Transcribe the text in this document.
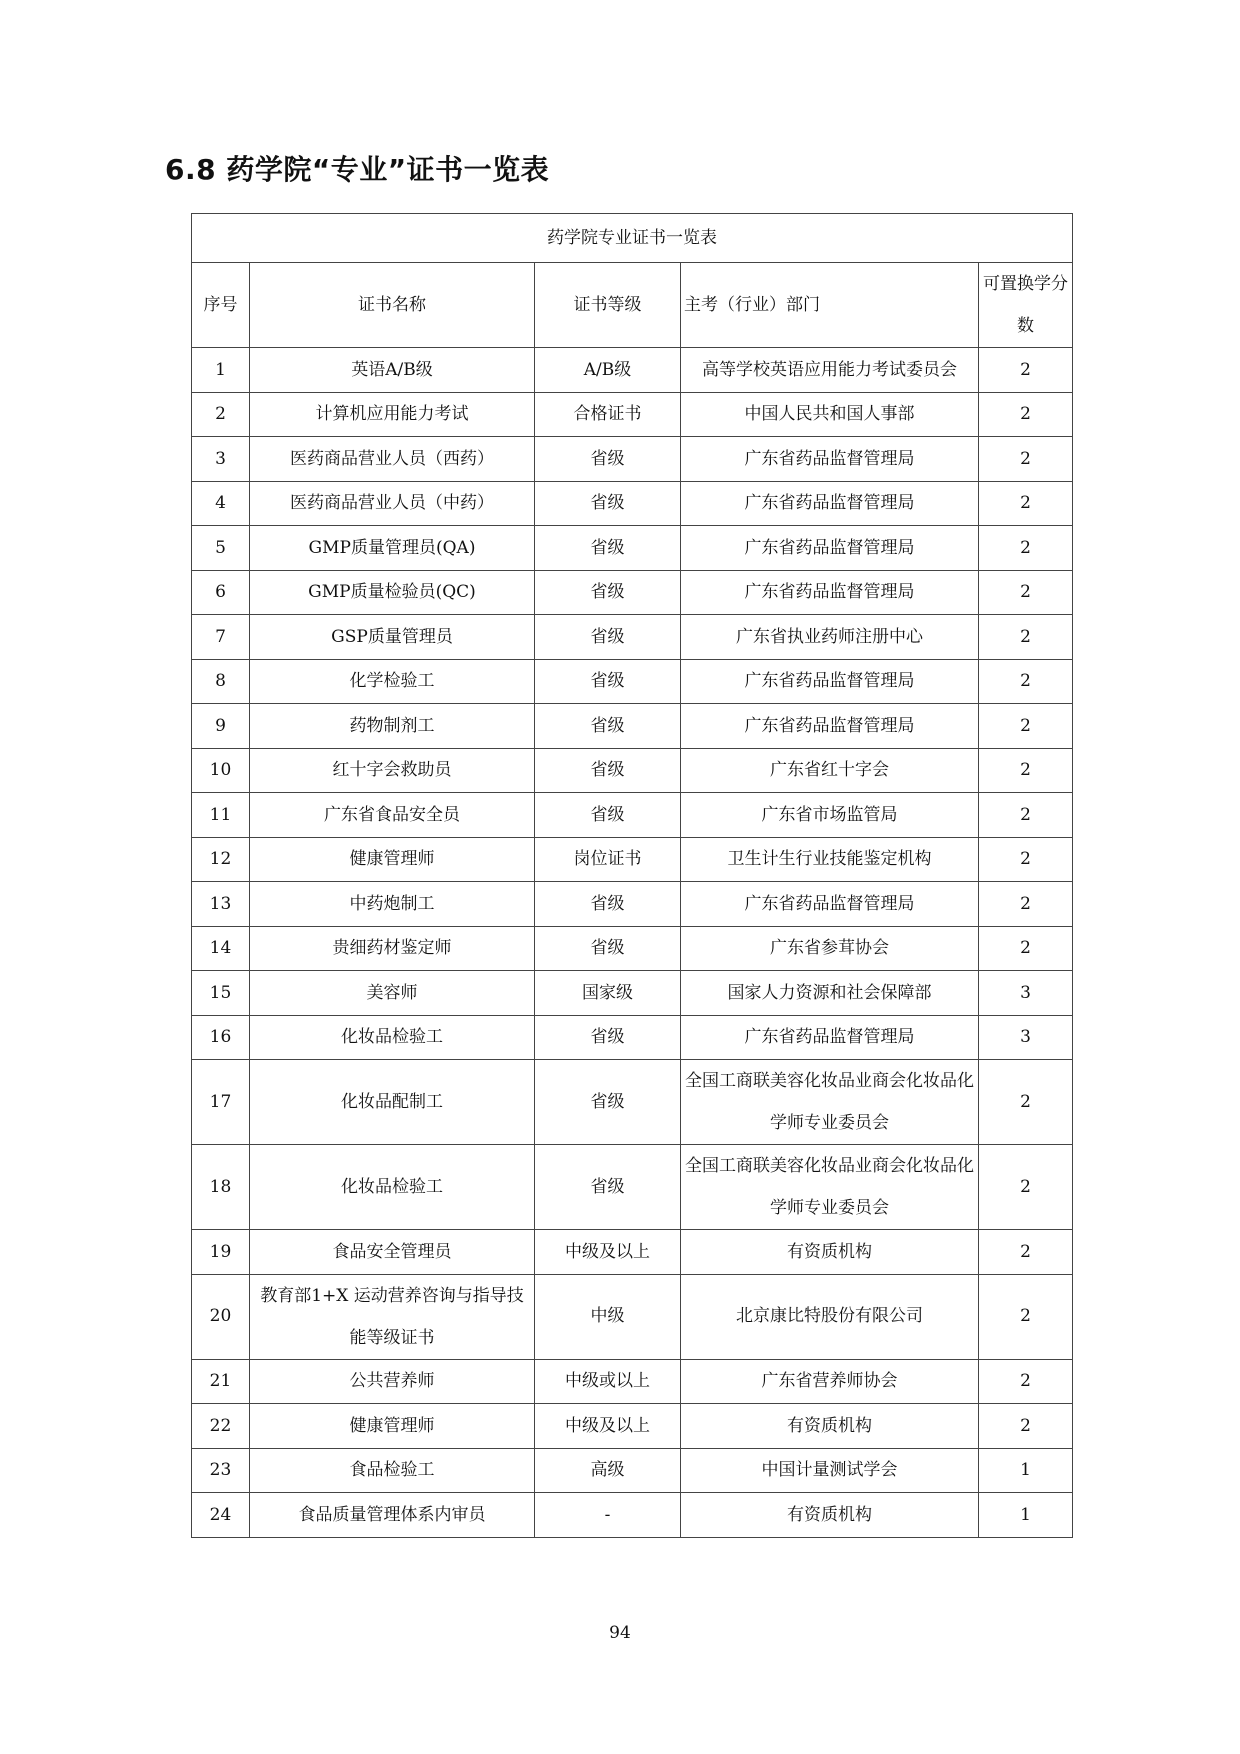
6.8 药学院“专业”证书一览表
药学院专业证书一览表				
序号	证书名称	证书等级	主考（行业）部门	可置换学分数
1	英语A/B级	A/B级	高等学校英语应用能力考试委员会	2
2	计算机应用能力考试	合格证书	中国人民共和国人事部	2
3	医药商品营业人员（西药）	省级	广东省药品监督管理局	2
4	医药商品营业人员（中药）	省级	广东省药品监督管理局	2
5	GMP质量管理员(QA)	省级	广东省药品监督管理局	2
6	GMP质量检验员(QC)	省级	广东省药品监督管理局	2
7	GSP质量管理员	省级	广东省执业药师注册中心	2
8	化学检验工	省级	广东省药品监督管理局	2
9	药物制剂工	省级	广东省药品监督管理局	2
10	红十字会救助员	省级	广东省红十字会	2
11	广东省食品安全员	省级	广东省市场监管局	2
12	健康管理师	岗位证书	卫生计生行业技能鉴定机构	2
13	中药炮制工	省级	广东省药品监督管理局	2
14	贵细药材鉴定师	省级	广东省参茸协会	2
15	美容师	国家级	国家人力资源和社会保障部	3
16	化妆品检验工	省级	广东省药品监督管理局	3
17	化妆品配制工	省级	全国工商联美容化妆品业商会化妆品化学师专业委员会	2
18	化妆品检验工	省级	全国工商联美容化妆品业商会化妆品化学师专业委员会	2
19	食品安全管理员	中级及以上	有资质机构	2
20	教育部1+X 运动营养咨询与指导技能等级证书	中级	北京康比特股份有限公司	2
21	公共营养师	中级或以上	广东省营养师协会	2
22	健康管理师	中级及以上	有资质机构	2
23	食品检验工	高级	中国计量测试学会	1
24	食品质量管理体系内审员	-	有资质机构	1
94
